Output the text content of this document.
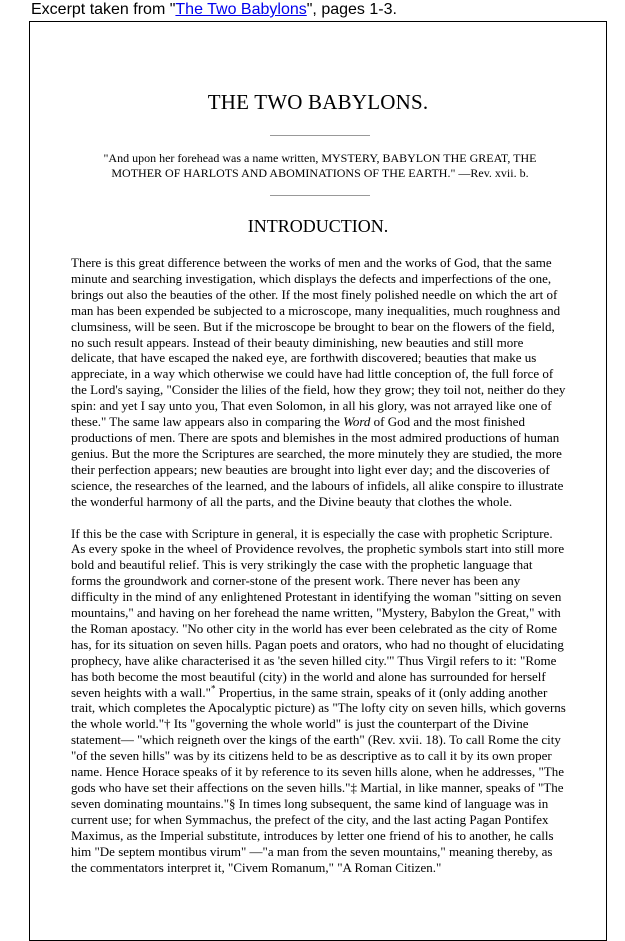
Excerpt taken from "The Two Babylons", pages 1-3.
THE TWO BABYLONS.
"And upon her forehead was a name written, MYSTERY, BABYLON THE GREAT, THE MOTHER OF HARLOTS AND ABOMINATIONS OF THE EARTH." —Rev. xvii. b.
INTRODUCTION.

There is this great difference between the works of men and the works of God, that the same minute and searching investigation, which displays the defects and imperfections of the one, brings out also the beauties of the other. If the most finely polished needle on which the art of man has been expended be subjected to a microscope, many inequalities, much roughness and clumsiness, will be seen. But if the microscope be brought to bear on the flowers of the field, no such result appears. Instead of their beauty diminishing, new beauties and still more delicate, that have escaped the naked eye, are forthwith discovered; beauties that make us appreciate, in a way which otherwise we could have had little conception of, the full force of the Lord's saying, "Consider the lilies of the field, how they grow; they toil not, neither do they spin: and yet I say unto you, That even Solomon, in all his glory, was not arrayed like one of these." The same law appears also in comparing the Word of God and the most finished productions of men. There are spots and blemishes in the most admired productions of human genius. But the more the Scriptures are searched, the more minutely they are studied, the more their perfection appears; new beauties are brought into light ever day; and the discoveries of science, the researches of the learned, and the labours of infidels, all alike conspire to illustrate the wonderful harmony of all the parts, and the Divine beauty that clothes the whole.

If this be the case with Scripture in general, it is especially the case with prophetic Scripture. As every spoke in the wheel of Providence revolves, the prophetic symbols start into still more bold and beautiful relief. This is very strikingly the case with the prophetic language that forms the groundwork and corner-stone of the present work. There never has been any difficulty in the mind of any enlightened Protestant in identifying the woman "sitting on seven mountains," and having on her forehead the name written, "Mystery, Babylon the Great," with the Roman apostacy. "No other city in the world has ever been celebrated as the city of Rome has, for its situation on seven hills. Pagan poets and orators, who had no thought of elucidating prophecy, have alike characterised it as 'the seven hilled city.'" Thus Virgil refers to it: "Rome has both become the most beautiful (city) in the world and alone has surrounded for herself seven heights with a wall."* Propertius, in the same strain, speaks of it (only adding another trait, which completes the Apocalyptic picture) as "The lofty city on seven hills, which governs the whole world."† Its "governing the whole world" is just the counterpart of the Divine statement— "which reigneth over the kings of the earth" (Rev. xvii. 18). To call Rome the city "of the seven hills" was by its citizens held to be as descriptive as to call it by its own proper name. Hence Horace speaks of it by reference to its seven hills alone, when he addresses, "The gods who have set their affections on the seven hills."‡ Martial, in like manner, speaks of "The seven dominating mountains."§ In times long subsequent, the same kind of language was in current use; for when Symmachus, the prefect of the city, and the last acting Pagan Pontifex Maximus, as the Imperial substitute, introduces by letter one friend of his to another, he calls him "De septem montibus virum" —"a man from the seven mountains," meaning thereby, as the commentators interpret it, "Civem Romanum," "A Roman Citizen."
